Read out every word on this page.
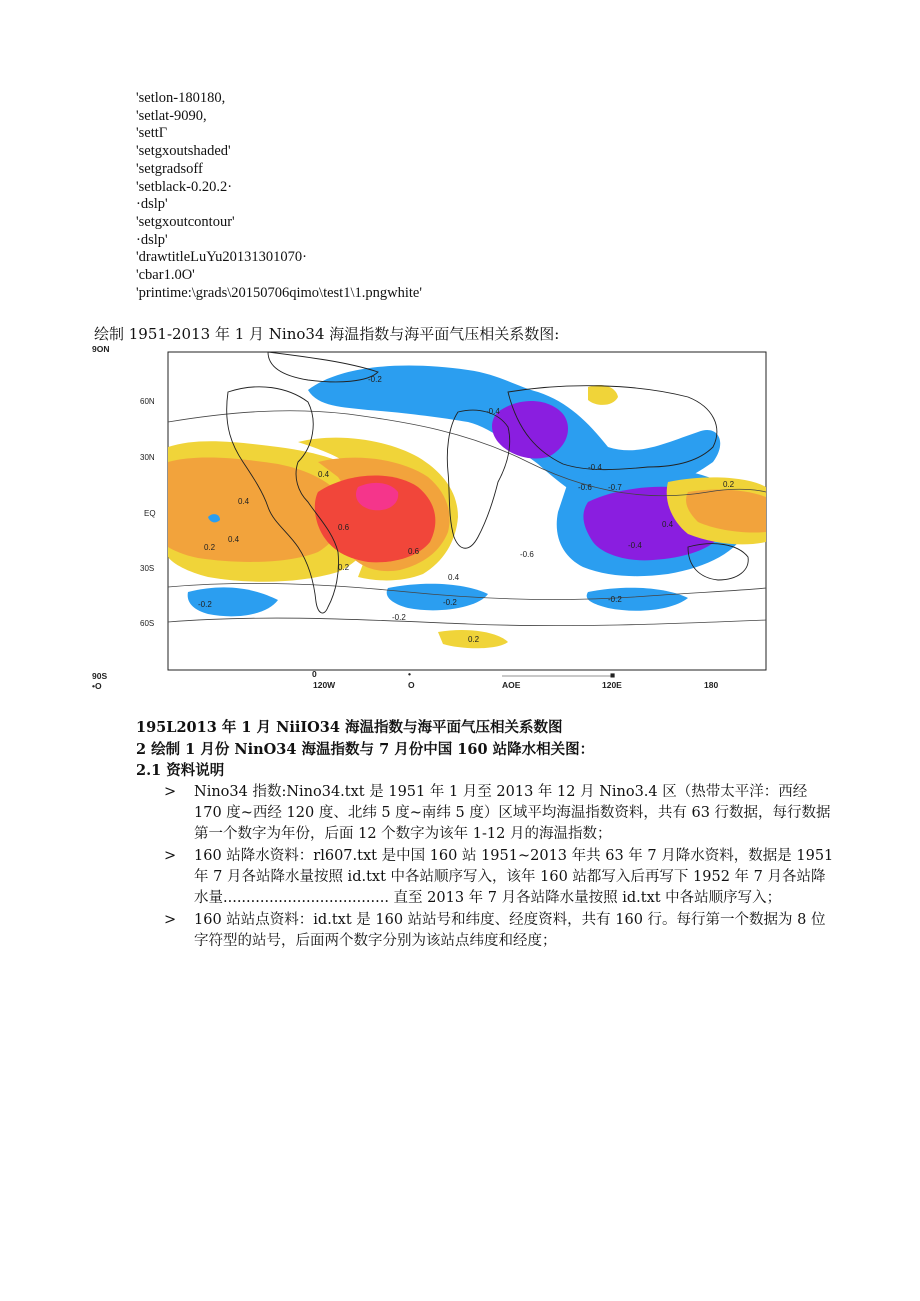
'setlon-180180,
'setlat-9090,
'settΓ
'setgxoutshaded'
'setgradsoff
'setblack-0.20.2·
·dslp'
'setgxoutcontour'
·dslp'
'drawtitleLuYu20131301070·
'cbar1.0O'
'printime:\grads\20150706qimo\test1\1.pngwhite'
绘制 1951-2013 年 1 月 Nino34 海温指数与海平面气压相关系数图:
9ON
90S
•O
60N
30N
EQ
30S
60S
-0.2
-0.4
-0.4
-0.6 -0.7
-0.6
-0.4
0.4
0.4
0.6
0.6
0.4
0.2
-0.2	-0.2
0.2
0.2
-0.2
0.4
0.4
-0.2
0.2
0
120W	O	AOE
•	■
120E	180
195L2013 年 1 月 NiiIO34 海温指数与海平面气压相关系数图
2 绘制 1 月份 NinO34 海温指数与 7 月份中国 160 站降水相关图：
2.1 资料说明
> Nino34 指数:Nino34.txt 是 1951 年 1 月至 2013 年 12 月 Nino3.4 区（热带太平洋：西经 170 度~西经 120 度、北纬 5 度~南纬 5 度）区域平均海温指数资料，共有 63 行数据，每行数据第一个数字为年份，后面 12 个数字为该年 1-12 月的海温指数；
> 160 站降水资料：rl607.txt 是中国 160 站 1951~2013 年共 63 年 7 月降水资料，数据是 1951 年 7 月各站降水量按照 id.txt 中各站顺序写入，该年 160 站都写入后再写下 1952 年 7 月各站降水量.................................... 直至 2013 年 7 月各站降水量按照 id.txt 中各站顺序写入；
> 160 站站点资料：id.txt 是 160 站站号和纬度、经度资料，共有 160 行。每行第一个数据为 8 位字符型的站号，后面两个数字分别为该站点纬度和经度；
